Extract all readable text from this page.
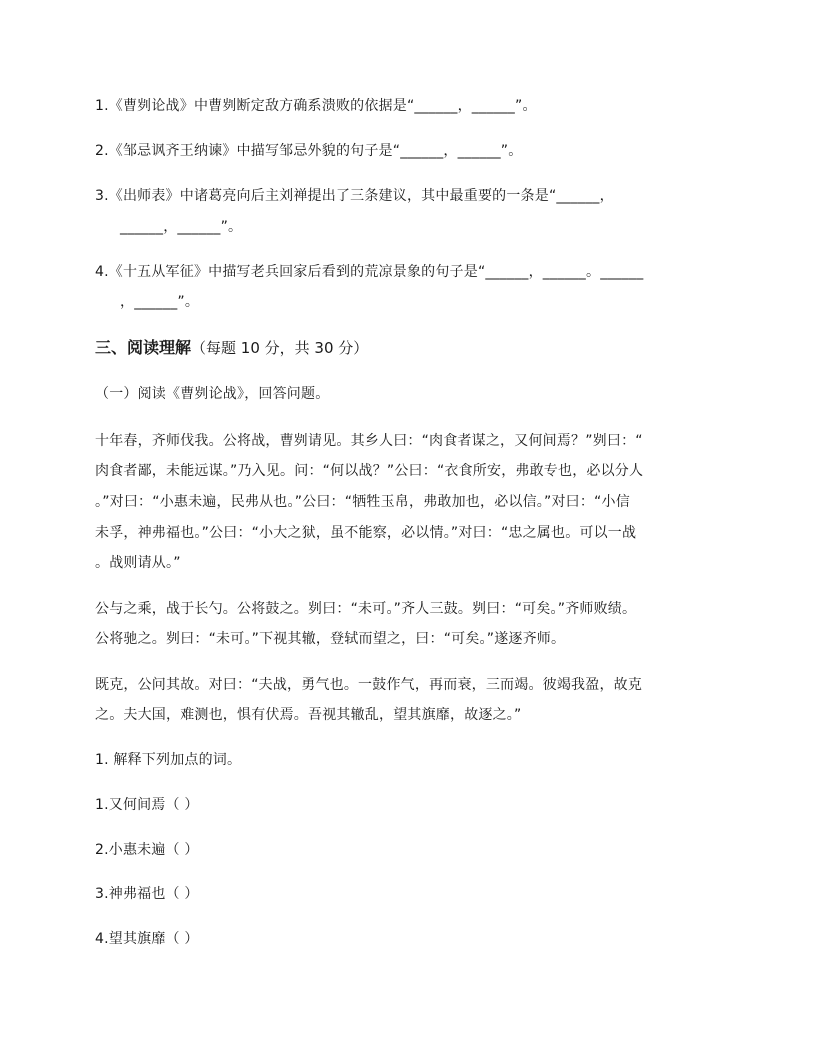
1.《曹刿论战》中曹刿断定敌方确系溃败的依据是“______，______”。
2.《邹忌讽齐王纳谏》中描写邹忌外貌的句子是“______，______”。
3.《出师表》中诸葛亮向后主刘禅提出了三条建议，其中最重要的一条是“______，
______，______”。
4.《十五从军征》中描写老兵回家后看到的荒凉景象的句子是“______，______。______
，______”。
三、阅读理解（每题 10 分，共 30 分）
（一）阅读《曹刿论战》，回答问题。
十年春，齐师伐我。公将战，曹刿请见。其乡人曰：“肉食者谋之，又何间焉？”刿曰：“
肉食者鄙，未能远谋。”乃入见。问：“何以战？”公曰：“衣食所安，弗敢专也，必以分人
。”对曰：“小惠未遍，民弗从也。”公曰：“牺牲玉帛，弗敢加也，必以信。”对曰：“小信
未孚，神弗福也。”公曰：“小大之狱，虽不能察，必以情。”对曰：“忠之属也。可以一战
。战则请从。”
公与之乘，战于长勺。公将鼓之。刿曰：“未可。”齐人三鼓。刿曰：“可矣。”齐师败绩。
公将驰之。刿曰：“未可。”下视其辙，登轼而望之，曰：“可矣。”遂逐齐师。
既克，公问其故。对曰：“夫战，勇气也。一鼓作气，再而衰，三而竭。彼竭我盈，故克
之。夫大国，难测也，惧有伏焉。吾视其辙乱，望其旗靡，故逐之。”
1. 解释下列加点的词。
1.又何间焉（ ）
2.小惠未遍（ ）
3.神弗福也（ ）
4.望其旗靡（ ）
